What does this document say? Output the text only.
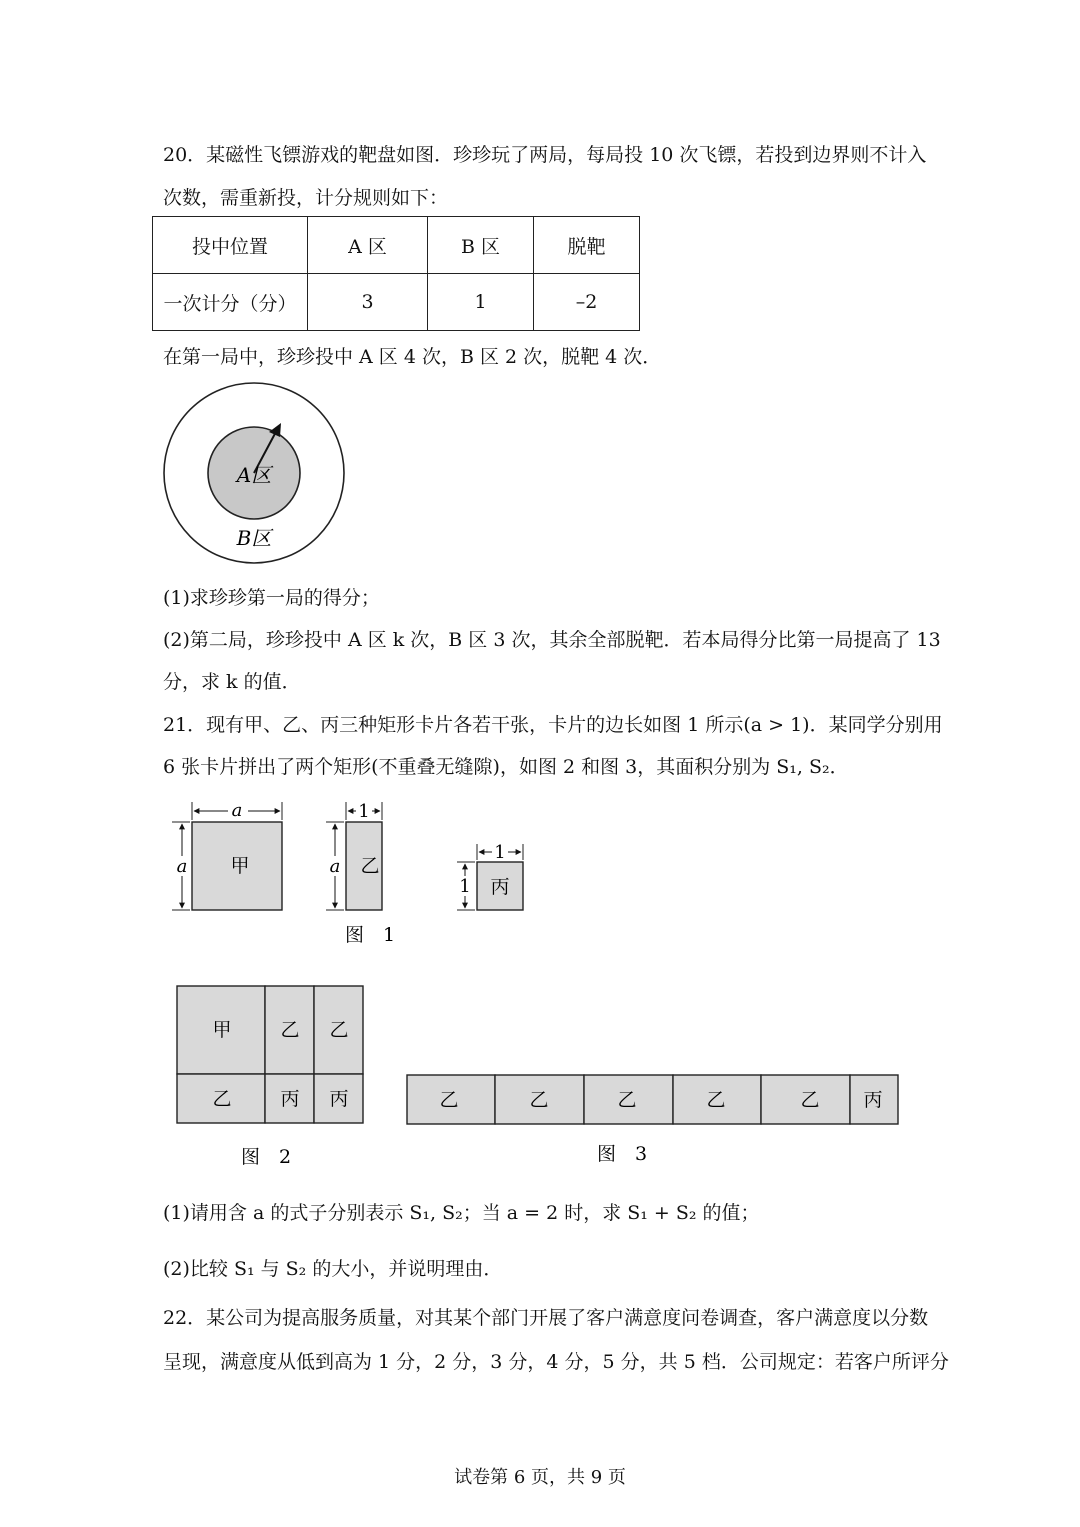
20．某磁性飞镖游戏的靶盘如图．珍珍玩了两局，每局投 10 次飞镖，若投到边界则不计入
次数，需重新投，计分规则如下：
投中位置	A 区	B 区	脱靶
一次计分（分）	3	1	–2
在第一局中，珍珍投中 A 区 4 次，B 区 2 次，脱靶 4 次．
A区
B区
(1)求珍珍第一局的得分；
(2)第二局，珍珍投中 A 区 k 次，B 区 3 次，其余全部脱靶．若本局得分比第一局提高了 13
分，求 k 的值．
21．现有甲、乙、丙三种矩形卡片各若干张，卡片的边长如图 1 所示(a > 1)．某同学分别用
6 张卡片拼出了两个矩形(不重叠无缝隙)，如图 2 和图 3，其面积分别为 S₁, S₂．
a
a 甲
1
a 乙
1
1 丙
图　1
甲	乙 乙
乙	丙 丙
图　2
乙	乙	乙	乙	乙 丙
图　3
(1)请用含 a 的式子分别表示 S₁, S₂；当 a = 2 时，求 S₁ + S₂ 的值；
(2)比较 S₁ 与 S₂ 的大小，并说明理由．
22．某公司为提高服务质量，对其某个部门开展了客户满意度问卷调查，客户满意度以分数
呈现，满意度从低到高为 1 分，2 分，3 分，4 分，5 分，共 5 档．公司规定：若客户所评分
试卷第 6 页，共 9 页
